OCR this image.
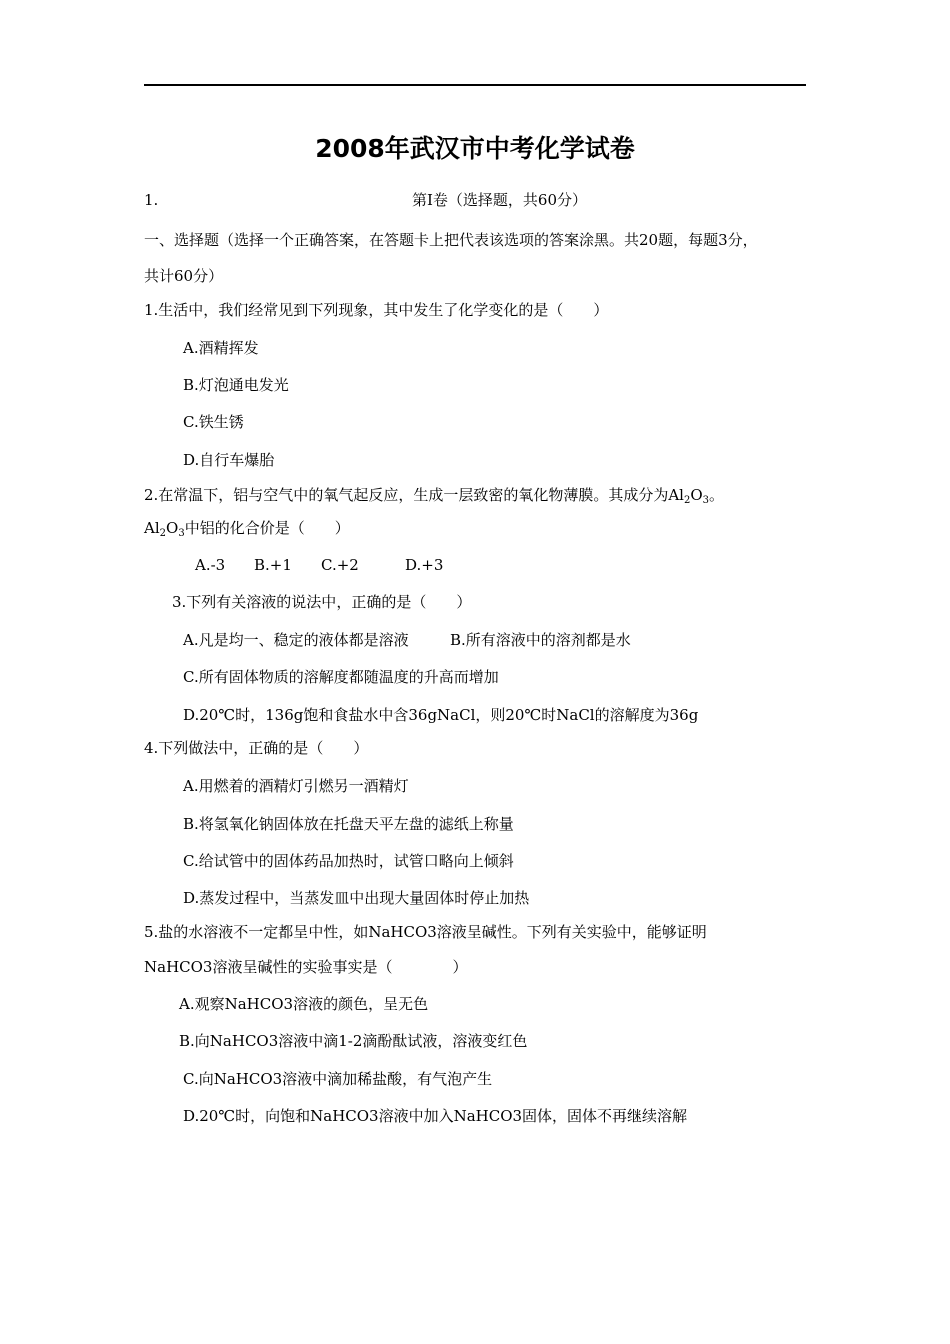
2008年武汉市中考化学试卷
1.	第Ⅰ卷（选择题，共60分）
一、选择题（选择一个正确答案，在答题卡上把代表该选项的答案涂黑。共20题，每题3分，
共计60分）
1.生活中，我们经常见到下列现象，其中发生了化学变化的是（　　）
A.酒精挥发
B.灯泡通电发光
C.铁生锈
D.自行车爆胎
2.在常温下，铝与空气中的氧气起反应，生成一层致密的氧化物薄膜。其成分为$Al_2O_3$。
$Al_2O_3$中铝的化合价是（　　）
A.-3 B.+1 C.+2	D.+3
3.下列有关溶液的说法中，正确的是（　　）
A.凡是均一、稳定的液体都是溶液	B.所有溶液中的溶剂都是水
C.所有固体物质的溶解度都随温度的升高而增加
D.20℃时，136g饱和食盐水中含36gNaCl，则20℃时NaCl的溶解度为36g
4.下列做法中，正确的是（　　）
A.用燃着的酒精灯引燃另一酒精灯
B.将氢氧化钠固体放在托盘天平左盘的滤纸上称量
C.给试管中的固体药品加热时，试管口略向上倾斜
D.蒸发过程中，当蒸发皿中出现大量固体时停止加热
5.盐的水溶液不一定都呈中性，如NaHCO3溶液呈碱性。下列有关实验中，能够证明
NaHCO3溶液呈碱性的实验事实是（　　　　）
A.观察NaHCO3溶液的颜色，呈无色
B.向NaHCO3溶液中滴1-2滴酚酞试液，溶液变红色
C.向NaHCO3溶液中滴加稀盐酸，有气泡产生
D.20℃时，向饱和NaHCO3溶液中加入NaHCO3固体，固体不再继续溶解
